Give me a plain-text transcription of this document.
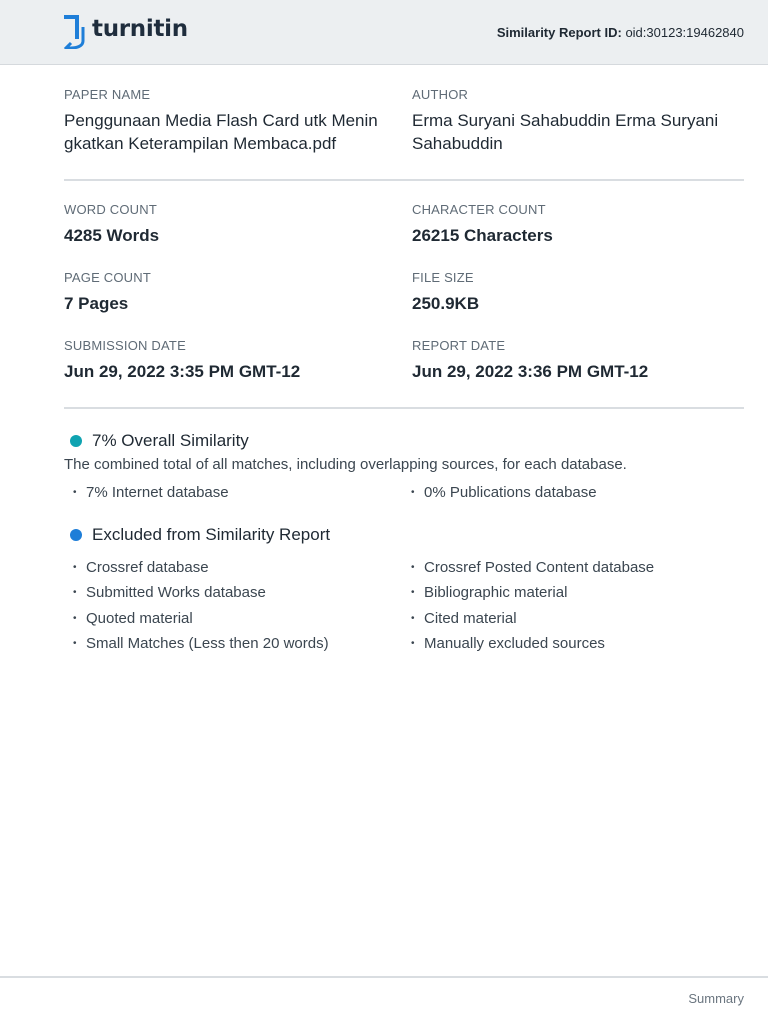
turnitin	Similarity Report ID: oid:30123:19462840
PAPER NAME
Penggunaan Media Flash Card utk Menin gkatkan Keterampilan Membaca.pdf
AUTHOR
Erma Suryani Sahabuddin Erma Suryani Sahabuddin
WORD COUNT
4285 Words
CHARACTER COUNT
26215 Characters
PAGE COUNT
7 Pages
FILE SIZE
250.9KB
SUBMISSION DATE
Jun 29, 2022 3:35 PM GMT-12
REPORT DATE
Jun 29, 2022 3:36 PM GMT-12
7% Overall Similarity
The combined total of all matches, including overlapping sources, for each database.
• 7% Internet database	• 0% Publications database
Excluded from Similarity Report
• Crossref database
• Submitted Works database
• Quoted material
• Small Matches (Less then 20 words)
• Crossref Posted Content database
• Bibliographic material
• Cited material
• Manually excluded sources
Summary
